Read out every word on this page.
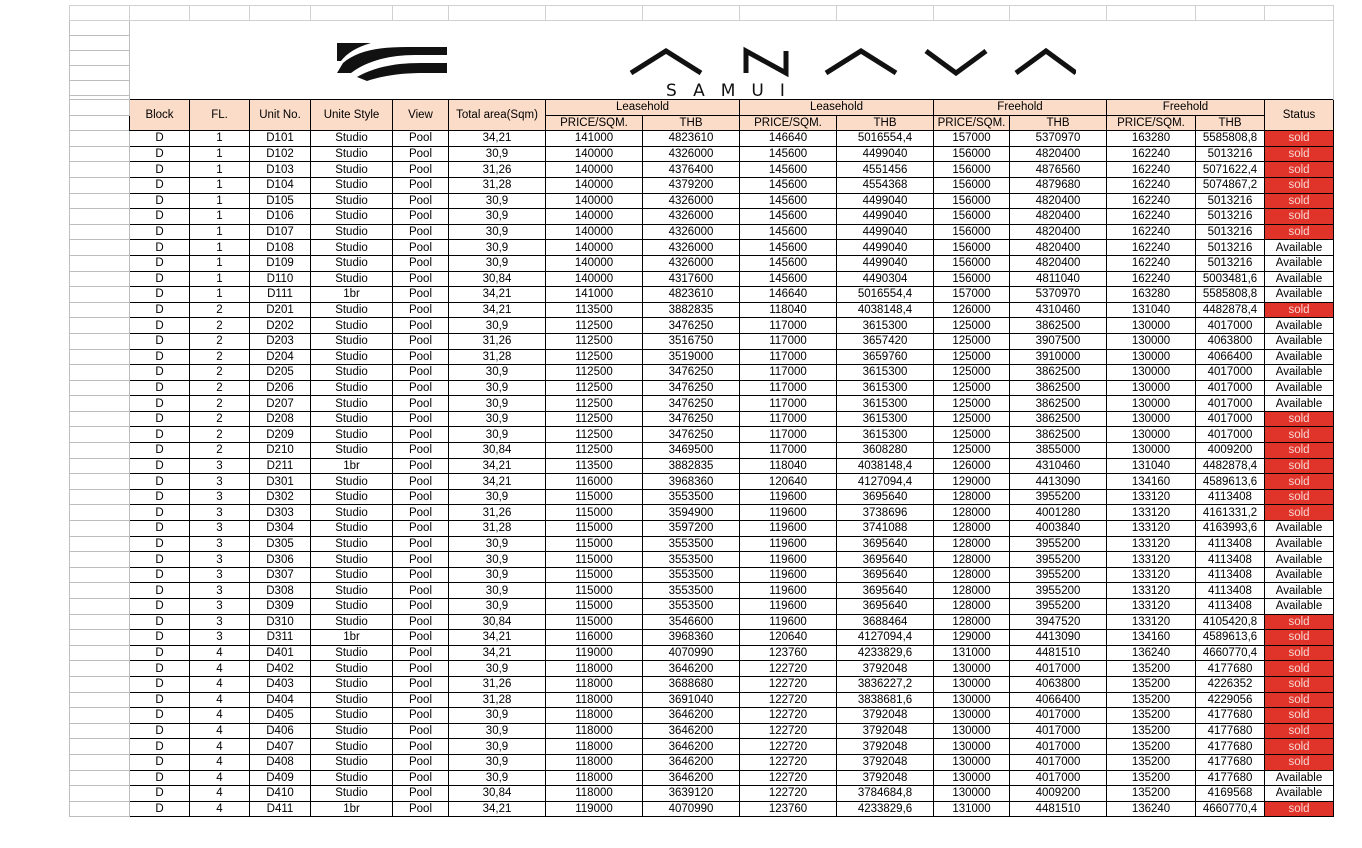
	SAMUI														

	Block	FL.	Unit No.	Unite Style	View	Total area(Sqm)	Leasehold		Leasehold		Freehold		Freehold		Status
							PRICE/SQM.	THB	PRICE/SQM.	THB	PRICE/SQM.	THB	PRICE/SQM.	THB	
	D	1	D101	Studio	Pool	34,21	141000	4823610	146640	5016554,4	157000	5370970	163280	5585808,8	sold
	D	1	D102	Studio	Pool	30,9	140000	4326000	145600	4499040	156000	4820400	162240	5013216	sold
	D	1	D103	Studio	Pool	31,26	140000	4376400	145600	4551456	156000	4876560	162240	5071622,4	sold
	D	1	D104	Studio	Pool	31,28	140000	4379200	145600	4554368	156000	4879680	162240	5074867,2	sold
	D	1	D105	Studio	Pool	30,9	140000	4326000	145600	4499040	156000	4820400	162240	5013216	sold
	D	1	D106	Studio	Pool	30,9	140000	4326000	145600	4499040	156000	4820400	162240	5013216	sold
	D	1	D107	Studio	Pool	30,9	140000	4326000	145600	4499040	156000	4820400	162240	5013216	sold
	D	1	D108	Studio	Pool	30,9	140000	4326000	145600	4499040	156000	4820400	162240	5013216	Available
	D	1	D109	Studio	Pool	30,9	140000	4326000	145600	4499040	156000	4820400	162240	5013216	Available
	D	1	D110	Studio	Pool	30,84	140000	4317600	145600	4490304	156000	4811040	162240	5003481,6	Available
	D	1	D111	1br	Pool	34,21	141000	4823610	146640	5016554,4	157000	5370970	163280	5585808,8	Available
	D	2	D201	Studio	Pool	34,21	113500	3882835	118040	4038148,4	126000	4310460	131040	4482878,4	sold
	D	2	D202	Studio	Pool	30,9	112500	3476250	117000	3615300	125000	3862500	130000	4017000	Available
	D	2	D203	Studio	Pool	31,26	112500	3516750	117000	3657420	125000	3907500	130000	4063800	Available
	D	2	D204	Studio	Pool	31,28	112500	3519000	117000	3659760	125000	3910000	130000	4066400	Available
	D	2	D205	Studio	Pool	30,9	112500	3476250	117000	3615300	125000	3862500	130000	4017000	Available
	D	2	D206	Studio	Pool	30,9	112500	3476250	117000	3615300	125000	3862500	130000	4017000	Available
	D	2	D207	Studio	Pool	30,9	112500	3476250	117000	3615300	125000	3862500	130000	4017000	Available
	D	2	D208	Studio	Pool	30,9	112500	3476250	117000	3615300	125000	3862500	130000	4017000	sold
	D	2	D209	Studio	Pool	30,9	112500	3476250	117000	3615300	125000	3862500	130000	4017000	sold
	D	2	D210	Studio	Pool	30,84	112500	3469500	117000	3608280	125000	3855000	130000	4009200	sold
	D	3	D211	1br	Pool	34,21	113500	3882835	118040	4038148,4	126000	4310460	131040	4482878,4	sold
	D	3	D301	Studio	Pool	34,21	116000	3968360	120640	4127094,4	129000	4413090	134160	4589613,6	sold
	D	3	D302	Studio	Pool	30,9	115000	3553500	119600	3695640	128000	3955200	133120	4113408	sold
	D	3	D303	Studio	Pool	31,26	115000	3594900	119600	3738696	128000	4001280	133120	4161331,2	sold
	D	3	D304	Studio	Pool	31,28	115000	3597200	119600	3741088	128000	4003840	133120	4163993,6	Available
	D	3	D305	Studio	Pool	30,9	115000	3553500	119600	3695640	128000	3955200	133120	4113408	Available
	D	3	D306	Studio	Pool	30,9	115000	3553500	119600	3695640	128000	3955200	133120	4113408	Available
	D	3	D307	Studio	Pool	30,9	115000	3553500	119600	3695640	128000	3955200	133120	4113408	Available
	D	3	D308	Studio	Pool	30,9	115000	3553500	119600	3695640	128000	3955200	133120	4113408	Available
	D	3	D309	Studio	Pool	30,9	115000	3553500	119600	3695640	128000	3955200	133120	4113408	Available
	D	3	D310	Studio	Pool	30,84	115000	3546600	119600	3688464	128000	3947520	133120	4105420,8	sold
	D	3	D311	1br	Pool	34,21	116000	3968360	120640	4127094,4	129000	4413090	134160	4589613,6	sold
	D	4	D401	Studio	Pool	34,21	119000	4070990	123760	4233829,6	131000	4481510	136240	4660770,4	sold
	D	4	D402	Studio	Pool	30,9	118000	3646200	122720	3792048	130000	4017000	135200	4177680	sold
	D	4	D403	Studio	Pool	31,26	118000	3688680	122720	3836227,2	130000	4063800	135200	4226352	sold
	D	4	D404	Studio	Pool	31,28	118000	3691040	122720	3838681,6	130000	4066400	135200	4229056	sold
	D	4	D405	Studio	Pool	30,9	118000	3646200	122720	3792048	130000	4017000	135200	4177680	sold
	D	4	D406	Studio	Pool	30,9	118000	3646200	122720	3792048	130000	4017000	135200	4177680	sold
	D	4	D407	Studio	Pool	30,9	118000	3646200	122720	3792048	130000	4017000	135200	4177680	sold
	D	4	D408	Studio	Pool	30,9	118000	3646200	122720	3792048	130000	4017000	135200	4177680	sold
	D	4	D409	Studio	Pool	30,9	118000	3646200	122720	3792048	130000	4017000	135200	4177680	Available
	D	4	D410	Studio	Pool	30,84	118000	3639120	122720	3784684,8	130000	4009200	135200	4169568	Available
	D	4	D411	1br	Pool	34,21	119000	4070990	123760	4233829,6	131000	4481510	136240	4660770,4	sold
